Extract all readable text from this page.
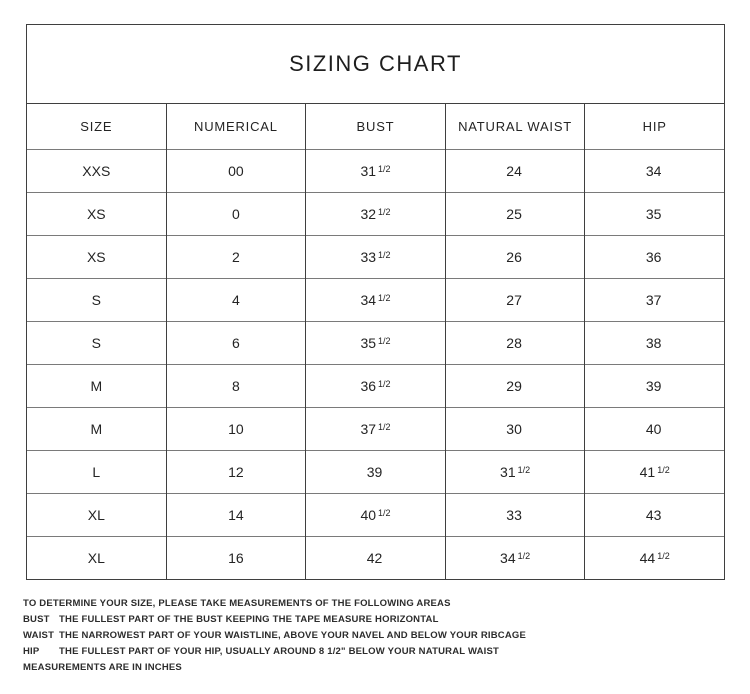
SIZING CHART				
SIZE	NUMERICAL	BUST	NATURAL WAIST	HIP
XXS	00	31 $^{1/2}$	24	34
XS	0	32 $^{1/2}$	25	35
XS	2	33 $^{1/2}$	26	36
S	4	34 $^{1/2}$	27	37
S	6	35 $^{1/2}$	28	38
M	8	36 $^{1/2}$	29	39
M	10	37 $^{1/2}$	30	40
L	12	39	31 $^{1/2}$	41 $^{1/2}$
XL	14	40 $^{1/2}$	33	43
XL	16	42	34 $^{1/2}$	44 $^{1/2}$
TO DETERMINE YOUR SIZE, PLEASE TAKE MEASUREMENTS OF THE FOLLOWING AREAS
BUST THE FULLEST PART OF THE BUST KEEPING THE TAPE MEASURE HORIZONTAL
WAIST THE NARROWEST PART OF YOUR WAISTLINE, ABOVE YOUR NAVEL AND BELOW YOUR RIBCAGE
HIP	THE FULLEST PART OF YOUR HIP, USUALLY AROUND 8 1/2" BELOW YOUR NATURAL WAIST
MEASUREMENTS ARE IN INCHES
